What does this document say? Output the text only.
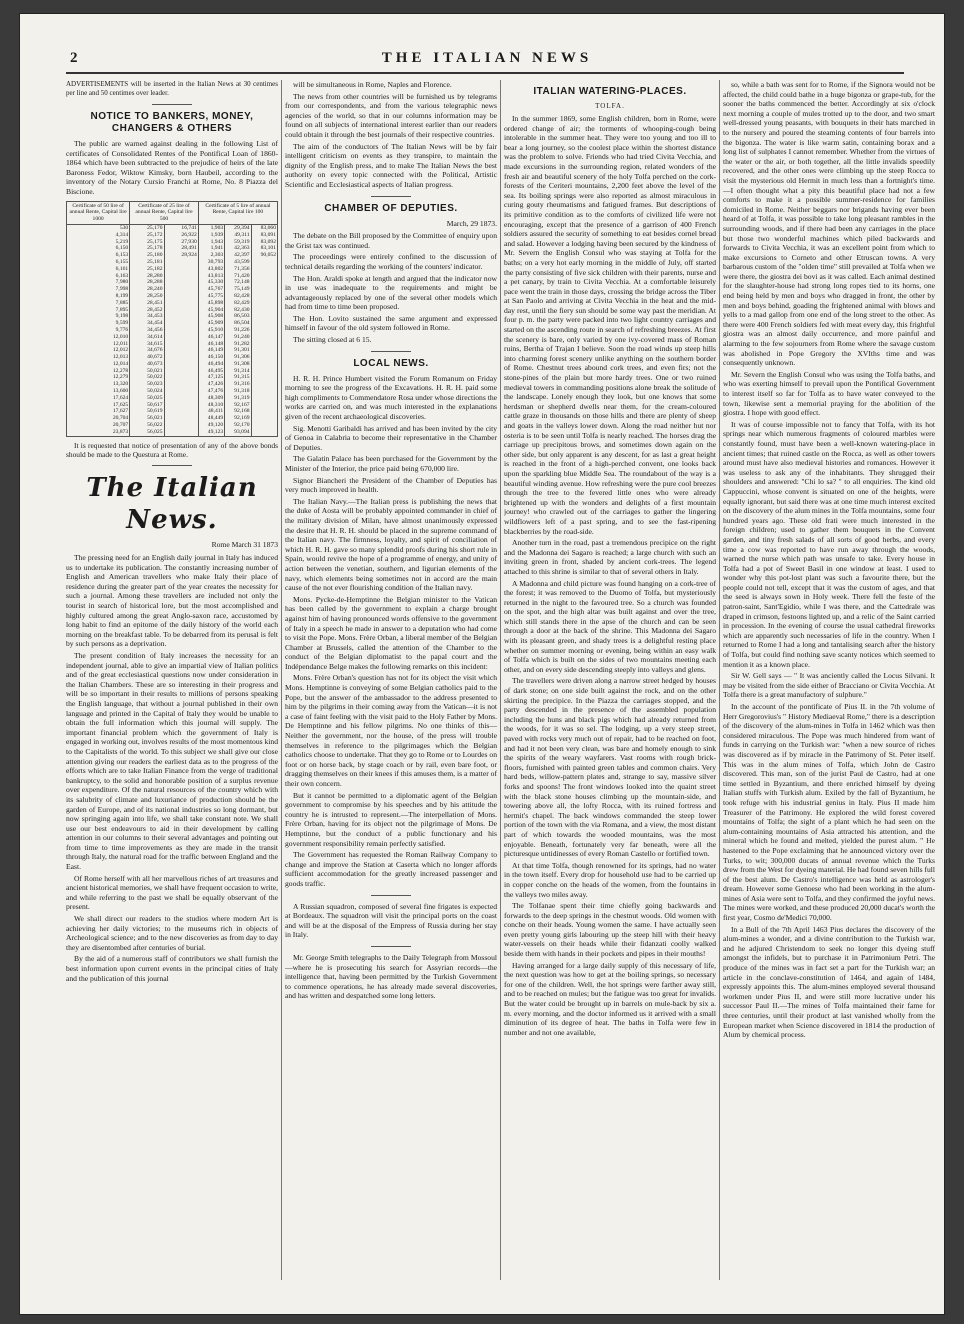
2	THE ITALIAN NEWS
ADVERTISEMENTS will be inserted in the Italian News at 30 centimes per line and 50 centimes over leader.
NOTICE TO BANKERS, MONEY, CHANGERS & OTHERS

The public are warned against dealing in the following List of certificates of Consolidated Rentes of the Pontifical Loan of 1860-1864 which have been subtracted to the prejudice of heirs of the late Baroness Fedor, Wiktow Kimsky, born Haubeil, according to the inventory of the Notary Cursio Franchi at Rome, No. 8 Piazza del Biscione.

Certificate of 50 lire of annual Rente, Capital lire 1000	Certificate of 25 lire of annual Rente, Capital lire 500		Certificate of 5 lire of annual Rente, Capital lire 100		
530	25,170	16,741	1,903	29,394	83,060
4,314	25,172	26,922	1,939	49,311	83,091
5,219	25,175	27,930	1,943	59,319	83,092
6,150	25,178	28,491	1,941	42,363	83,101
6,153	25,180	28,924	2,303	42,397	90,052
6,155	25,181		30,793	43,599	
6,161	25,182		43,802	71,356	
6,163	28,280		43,813	71,420	
7,980	28,288		45,330	72,148	
7,998	28,240		45,767	75,149	
8,199	28,250		45,775	82,428	
7,885	28,451		45,898	82,429	
7,895	28,452		45,904	82,430	
9,198	34,453		45,908	86,503	
9,599	34,454		45,909	86,504	
9,776	34,456		45,910	91,226	
12,010	34,614		46,147	91,240	
12,011	34,615		46,148	91,282	
12,012	34,676		46,149	91,301	
12,013	40,672		46,150	91,306	
12,014	40,673		46,494	91,308	
12,278	50,021		46,495	91,314	
12,279	50,022		47,125	91,315	
13,320	50,023		47,426	91,316	
13,600	50,024		47,476	91,318	
17,624	50,025		48,309	91,319	
17,625	50,617		48,310	92,167	
17,627	50,619		48,411	92,168	
20,704	56,021		48,449	92,169	
20,707	56,022		49,120	92,170	
23,873	56,025		49,123	93,094	

It is requested that notice of presentation of any of the above bonds should be made to the Questura at Rome.

The Italian News.
Rome March 31 1873

The pressing need for an English daily journal in Italy has induced us to undertake its publication. The constantly increasing number of English and American travellers who make Italy their place of residence during the greater part of the year creates the necessity for such a journal. Among these travellers are included not only the tourist in search of historical lore, but the most accomplished and highly cultured among the great Anglo-saxon race, accustomed by long habit to find an epitome of the daily history of the world each morning on the breakfast table. To be debarred from its perusal is felt by such persons as a deprivation.

The present condition of Italy increases the necessity for an independent journal, able to give an impartial view of Italian politics and of the great ecclesiastical questions now under consideration in the Italian Chambers. These are so interesting in their progress and will be so important in their results to millions of persons speaking the English language, that without a journal published in their own language and printed in the Capital of Italy they would be unable to obtain the full information which this journal will supply. The important financial problem which the government of Italy is engaged in working out, involves results of the most momentous kind to the Capitalists of the world. To this subject we shall give our close attention giving our readers the earliest data as to the progress of the efforts which are to take Italian Finance from the verge of traditional bankruptcy, to the solid and honorable position of a surplus revenue over expenditure. Of the natural resources of the country which with its salubrity of climate and luxuriance of production should be the garden of Europe, and of its national industries so long dormant, but now springing again into life, we shall take constant note. We shall use our best endeavours to aid in their development by calling attention in our columns to their several advantages and pointing out from time to time improvements as they are made in the transit through Italy, the natural road for the traffic between England and the East.

Of Rome herself with all her marvellous riches of art treasures and ancient historical memories, we shall have frequent occasion to write, and while referring to the past we shall be equally observant of the present.

We shall direct our readers to the studios where modern Art is achieving her daily victories; to the museums rich in objects of Archeological science; and to the new discoveries as from day to day they are disentombed after centuries of burial.

By the aid of a numerous staff of contributors we shall furnish the best information upon current events in the principal cities of Italy and the publication of this journal

will be simultaneous in Rome, Naples and Florence.

The news from other countries will be furnished us by telegrams from our correspondents, and from the various telegraphic news agencies of the world, so that in our columns information may be found on all subjects of international interest earlier than our readers could obtain it through the best journals of their respective countries.

The aim of the conductors of The Italian News will be by fair intelligent criticism on events as they transpire, to maintain the dignity of the English press, and to make The Italian News the best authority on every topic connected with the Political, Artistic Scientific and Ecclesiastical aspects of Italian progress.

CHAMBER OF DEPUTIES.
March, 29 1873.

The debate on the Bill proposed by the Committee of enquiry upon the Grist tax was continued.

The proceedings were entirely confined to the discussion of technical details regarding the working of the counters' indicator.

The Hon. Araldi spoke at length and argued that the indicator now in use was inadequate to the requirements and might be advantageously replaced by one of the several other models which had from time to time been proposed.

The Hon. Lovito sustained the same argument and expressed himself in favour of the old system followed in Rome.

The sitting closed at 6 15.

LOCAL NEWS.

H. R. H. Prince Humbert visited the Forum Romanum on Friday morning to see the progress of the Excavations. H. R. H. paid some high compliments to Commendatore Rosa under whose directions the works are carried on, and was much interested in the explanations given of the recent archaeological discoveries.

Sig. Menotti Garibaldi has arrived and has been invited by the city of Genoa in Calabria to become their representative in the Chamber of Deputies.

The Galatin Palace has been purchased for the Government by the Minister of the Interior, the price paid being 670,000 lire.

Signor Biancheri the President of the Chamber of Deputies has very much improved in health.

The Italian Navy.—The Italian press is publishing the news that the duke of Aosta will be probably appointed commander in chief of the military division of Milan, have almost unanimously expressed the desire that H. R. H. should be placed in the supreme command of the Italian navy. The firmness, loyalty, and spirit of conciliation of which H. R. H. gave so many splendid proofs during his short rule in Spain, would revive the hope of a programme of energy, and unity of action between the venetian, southern, and ligurian elements of the navy, which elements being sometimes not in accord are the main cause of the not ever flourishing condition of the Italian navy.

Mons. Pycke-de-Hemptinne the Belgian minister to the Vatican has been called by the government to explain a charge brought against him of having pronounced words offensive to the government of Italy in a speech he made in answer to a deputation who had come to visit the Pope. Mons. Frère Orban, a liberal member of the Belgian Chamber at Brussels, called the attention of the Chamber to the conduct of the Belgian diplomatist to the papal court and the Indépendance Belge makes the following remarks on this incident:

Mons. Frère Orban's question has not for its object the visit which Mons. Hemptinne is conveying of some Belgian catholics paid to the Pope, but the answer of the ambassador to the address presented to him by the pilgrims in their coming away from the Vatican—it is not a case of faint feeling with the visit paid to the Holy Father by Mons. De Hemptinne and his fellow pilgrims. No one thinks of this—Neither the government, nor the house, of the press will trouble themselves in reference to the pilgrimages which the Belgian catholics choose to undertake. That they go to Rome or to Lourdes on foot or on horse back, by stage coach or by rail, even bare foot, or dragging themselves on their knees if this amuses them, is a matter of their own concern.

But it cannot be permitted to a diplomatic agent of the Belgian government to compromise by his speeches and by his attitude the country he is intrusted to represent.—The interpellation of Mons. Frère Orban, having for its object not the pilgrimage of Mons. De Hemptinne, but the conduct of a public functionary and his government responsibility remain perfectly satisfied.

The Government has requested the Roman Railway Company to change and improve the Station at Caserta which no longer affords sufficient accommodation for the greatly increased passenger and goods traffic.

A Russian squadron, composed of several fine frigates is expected at Bordeaux. The squadron will visit the principal ports on the coast and will be at the disposal of the Empress of Russia during her stay in Italy.

Mr. George Smith telegraphs to the Daily Telegraph from Mossoul—where he is prosecuting his search for Assyrian records—the intelligence that, having been permitted by the Turkish Government to commence operations, he has already made several discoveries, and has written and despatched some long letters.

ITALIAN WATERING-PLACES.
TOLFA.

In the summer 1869, some English children, born in Rome, were ordered change of air; the torments of whooping-cough being intolerable in the summer heat. They were too young and too ill to bear a long journey, so the coolest place within the shortest distance was the problem to solve. Friends who had tried Civita Vecchia, and made excursions in the surrounding region, related wonders of the fresh air and beautiful scenery of the holy Tolfa perched on the cork-forests of the Ceriteri mountains, 2,200 feet above the level of the sea. Its boiling springs were also reported as almost miraculous in curing gouty rheumatisms and fatigued frames. But descriptions of its primitive condition as to the comforts of civilized life were not encouraging, except that the presence of a garrison of 400 French soldiers assured the security of something to eat besides cornel bread and salad. However a lodging having been secured by the kindness of Mr. Severn the English Consul who was staying at Tolfa for the baths; on a very hot early morning in the middle of July, off started the party consisting of five sick children with their parents, nurse and a pet canary, by train to Civita Vecchia. At a comfortable leisurely pace went the train in those days, crossing the bridge across the Tiber at San Paolo and arriving at Civita Vecchia in the heat and the mid-day rest, until the fiery sun should be some way past the meridian. At four p. m. the party were packed into two light country carriages and started on the ascending route in search of refreshing breezes. At first the scenery is bare, only varied by one ivy-covered mass of Roman ruins, Bertha of Trajan I believe. Soon the road winds up steep hills into charming forest scenery unlike anything on the southern border of Rome. Chestnut trees abound cork trees, and even firs; not the stone-pines of the plain but more hardy trees. One or two ruined medieval towers in commanding positions alone break the solitude of the landscape. Lonely enough they look, but one knows that some herdsman or shepherd dwells near them, for the cream-coloured cattle graze in thousands on those hills and there are plenty of sheep and goats in the valleys lower down. Along the road neither hut nor osteria is to be seen until Tolfa is nearly reached. The horses drag the carriage up precipitous brows, and sometimes down again on the other side, but only apparent is any descent, for as last a great height is reached in the front of a high-perched convent, one looks back upon the sparkling blue Middle Sea. The roundabout of the way is a beautiful winding avenue. How refreshing were the pure cool breezes through the tree to the fevered little ones who were already brightened up with the wonders and delights of a first mountain journey! who crawled out of the carriages to gather the lingering wildflowers left of a past spring, and to see the fast-ripening blackberries by the road-side.

Another turn in the road, past a tremendous precipice on the right and the Madonna dei Sagaro is reached; a large church with such an inviting green in front, shaded by ancient cork-trees. The legend attached to this shrine is similar to that of several others in Italy.

A Madonna and child picture was found hanging on a cork-tree of the forest; it was removed to the Duomo of Tolfa, but mysteriously returned in the night to the favoured tree. So a church was founded on the spot, and the high altar was built against and over the tree, which still stands there in the apse of the church and can be seen through a door at the back of the shrine. This Madonna dei Sagaro with its pleasant green, and shady trees is a delightful resting place whether on summer morning or evening, being within an easy walk of Tolfa which is built on the sides of two mountains meeting each other, and on every side descending steeply into valleys and glens.

The travellers were driven along a narrow street hedged by houses of dark stone; on one side built against the rock, and on the other skirting the precipice. In the Piazza the carriages stopped, and the party descended in the presence of the assembled population including the huns and black pigs which had already returned from the woods, for it was so sel. The lodging, up a very steep street, paved with rocks very much out of repair, had to be reached on foot, and had it not been very clean, was bare and homely enough to sink the spirits of the weary wayfarers. Vast rooms with rough brick-floors, furnished with painted green tables and common chairs. Very hard beds, willow-pattern plates and, strange to say, massive silver forks and spoons! The front windows looked into the quaint street with the black stone houses climbing up the mountain-side, and towering above all, the lofty Rocca, with its ruined fortress and hermit's chapel. The back windows commanded the steep lower portion of the town with the via Romana, and a view, the most distant part of which towards the wooded mountains, was the most enjoyable. Beneath, fortunately very far beneath, were all the picturesque untidinesses of every Roman Castello or fortified town.

At that time Tolfa, though renowned for its springs, had no water in the town itself. Every drop for household use had to be carried up in copper conche on the heads of the women, from the fountains in the valleys two miles away.

The Tolfanae spent their time chiefly going backwards and forwards to the deep springs in the chestnut woods. Old women with conche on their heads. Young women the same. I have actually seen even pretty young girls labouring up the steep hill with their heavy water-vessels on their heads while their fidanzati coolly walked beside them with hands in their pockets and pipes in their mouths!

Having arranged for a large daily supply of this necessary of life, the next question was how to get at the boiling springs, so necessary for one of the children. Well, the hot springs were farther away still, and to be reached on mules; but the fatigue was too great for invalids. But the water could be brought up in barrels on mule-back by six a. m. every morning, and the doctor informed us it arrived with a small diminution of its degree of heat. The baths in Tolfa were few in number and not one available,

so, while a bath was sent for to Rome, if the Signora would not be affected, the child could bathe in a huge bigonza or grape-tub, for the sooner the baths commenced the better. Accordingly at six o'clock next morning a couple of mules trotted up to the door, and two smart well-dressed young peasants, with bouquets in their hats marched in to the nursery and poured the steaming contents of four barrels into the bigonza. The water is like warm satin, containing borax and a long list of sulphates I cannot remember. Whether from the virtues of the water or the air, or both together, all the little invalids speedily recovered, and the other ones were climbing up the steep Rocca to visit the mysterious old Hermit in much less than a fortnight's time.—I often thought what a pity this beautiful place had not a few comforts to make it a possible summer-residence for families domiciled in Rome. Neither beggars nor brigands having ever been heard of at Tolfa, it was possible to take long pleasant rambles in the surrounding woods, and if there had been any carriages in the place but those two wonderful machines which piled backwards and forwards to Civita Vecchia, it was an excellent point from which to make excursions to Corneto and other Etruscan towns. A very barbarous custom of the "olden time" still prevailed at Tolfa when we were there, the giostra dei bovi as it was called. Each animal destined for the slaughter-house had strong long ropes tied to its horns, one end being held by men and boys who dragged in front, the other by men and boys behind, goading the frightened animal with blows and yells to a mad gallop from one end of the long street to the other. As there were 400 French soldiers fed with meat every day, this frightful giostra was an almost daily occurrence, and more painful and alarming to the few sojourners from Rome where the savage custom was abolished in Pope Gregory the XVIths time and was consequently unknown.

Mr. Severn the English Consul who was using the Tolfa baths, and who was exerting himself to prevail upon the Pontifical Government to interest itself so far for Tolfa as to have water conveyed to the town, likewise sent a memorial praying for the abolition of the giostra. I hope with good effect.

It was of course impossible not to fancy that Tolfa, with its hot springs near which numerous fragments of coloured marbles were constantly found, must have been a well-known watering-place in ancient times; that ruined castle on the Rocca, as well as other towers around must have also medieval histories and romances. However it was useless to ask any of the inhabitants. They shrugged their shoulders and answered: "Chi lo sa? " to all enquiries. The kind old Cappuccini, whose convent is situated on one of the heights, were equally ignorant, but said there was at one time much interest excited on the discovery of the alum mines in the Tolfa mountains, some four hundred years ago. These old frati were much interested in the foreign children; used to gather them bouquets in the Convent garden, and tiny fresh salads of all sorts of good herbs, and every time a cow was reported to have run away through the woods, warned the nurse which path was unsafe to take. Every house in Tolfa had a pot of Sweet Basil in one window at least. I used to wonder why this pot-lost plant was such a favourite there, but the people could not tell, except that it was the custom of ages, and that the seed is always sown in Holy week. There fell the feste of the patron-saint, Sant'Egidio, while I was there, and the Cattedrale was draped in crimson, festoons lighted up, and a relic of the Saint carried in procession. In the evening of course the usual cathedral fireworks which are apparently such necessaries of life in the country. When I returned to Rome I had a long and tantalising search after the history of Tolfa, but could find nothing save scanty notices which seemed to mention it as a known place.

Sir W. Gell says — " It was anciently called the Locus Silvani. It may be visited from the side either of Bracciano or Civita Vecchia. At Tolfa there is a great manufactory of sulphure."

In the account of the pontificate of Pius II. in the 7th volume of Herr Gregorovius's " History Mediaeval Rome," there is a description of the discovery of the alum-mines in Tolfa in 1462 which was then considered miraculous. The Pope was much hindered from want of funds in carrying on the Turkish war: "when a new source of riches was discovered as if by miracle in the Patrimony of St. Peter itself. This was in the alum mines of Tolfa, which John de Castro discovered. This man, son of the jurist Paul de Castro, had at one time settled in Byzantium, and there enriched himself by dyeing Italian stuffs with Turkish alum. Exiled by the fall of Byzantium, he took refuge with his industrial genius in Italy. Pius II made him Treasurer of the Patrimony. He explored the wild forest covered mountains of Tolfa; the sight of a plant which he had seen on the alum-containing mountains of Asia attracted his attention, and the mineral which he found and melted, yielded the purest alum. " He hastened to the Pope exclaiming that he announced victory over the Turks, to wit; 300,000 ducats of annual revenue which the Turks drew from the West for dyeing material. He had found seven hills full of the best alum. De Castro's intelligence was held as astrologer's dream. However some Genoese who had been working in the alum-mines of Asia were sent to Tolfa, and they confirmed the joyful news. The mines were worked, and these produced 20,000 ducat's worth the first year, Cosmo de'Medici 70,000.

In a Bull of the 7th April 1463 Pius declares the discovery of the alum-mines a wonder, and a divine contribution to the Turkish war, and he adjured Christendom to seek no longer this dyeing stuff amongst the infidels, but to purchase it in Patrimonium Petri. The produce of the mines was in fact set a part for the Turkish war; an article in the conclave-constitution of 1464, and again of 1484, expressly appoints this. The alum-mines employed several thousand workmen under Pius II, and were still more lucrative under his successor Paul II.—The mines of Tolfa maintained their fame for three centuries, until their product at last vanished wholly from the European market when Science discovered in 1814 the production of Alum by chemical process.
